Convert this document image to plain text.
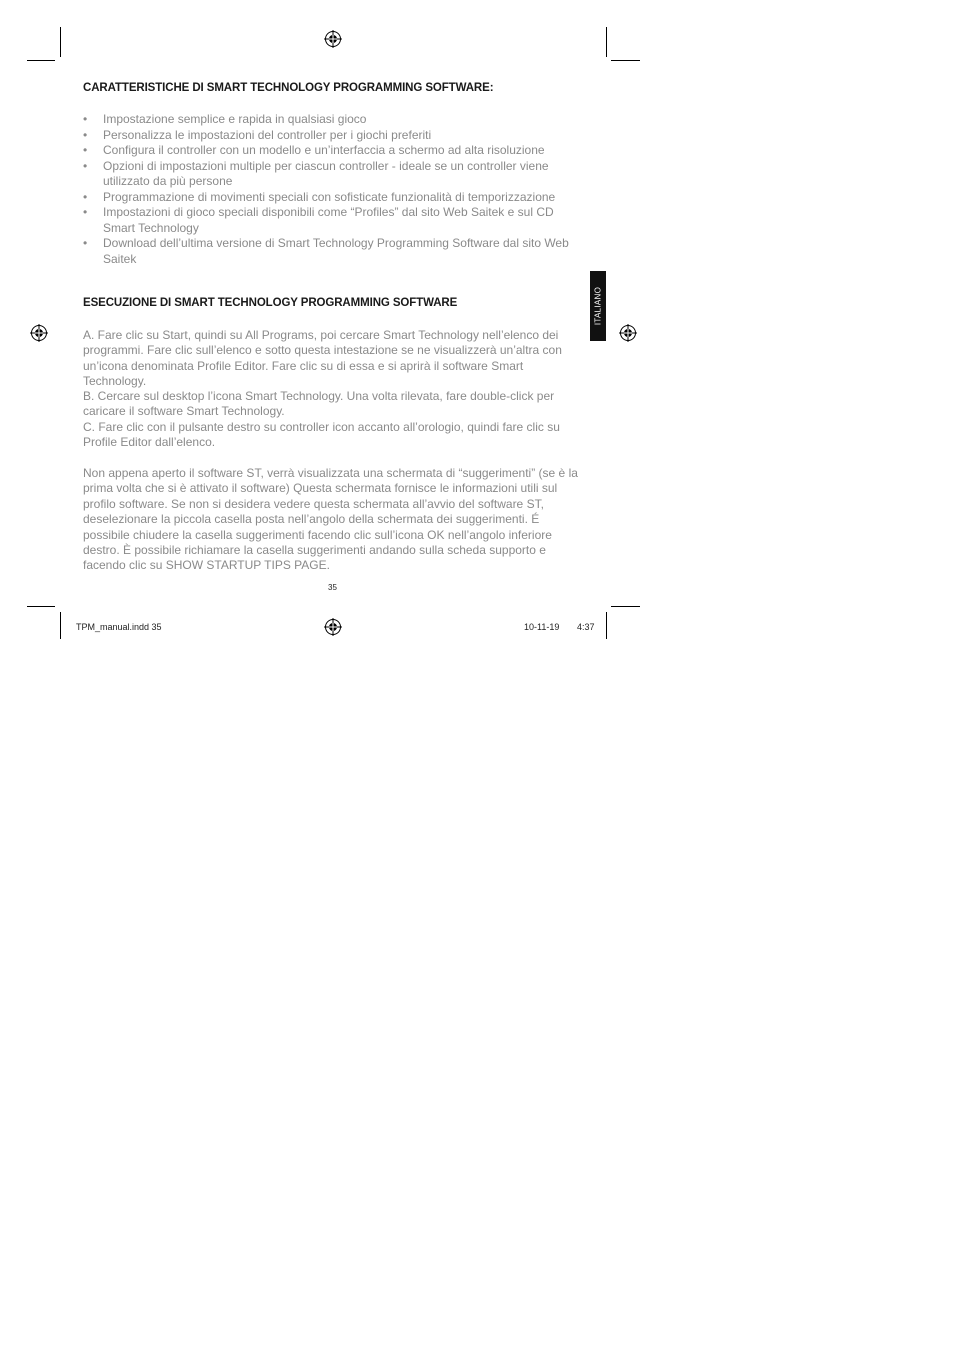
CARATTERISTICHE DI SMART TECHNOLOGY PROGRAMMING SOFTWARE:
• Impostazione semplice e rapida in qualsiasi gioco
• Personalizza le impostazioni del controller per i giochi preferiti
• Configura il controller con un modello e un’interfaccia a schermo ad alta risoluzione
• Opzioni di impostazioni multiple per ciascun controller - ideale se un controller viene utilizzato da più persone
• Programmazione di movimenti speciali con sofisticate funzionalità di temporizzazione
• Impostazioni di gioco speciali disponibili come “Profiles” dal sito Web Saitek e sul CD Smart Technology
• Download dell’ultima versione di Smart Technology Programming Software dal sito Web Saitek
ESECUZIONE DI SMART TECHNOLOGY PROGRAMMING SOFTWARE

A. Fare clic su Start, quindi su All Programs, poi cercare Smart Technology nell’elenco dei programmi. Fare clic sull’elenco e sotto questa intestazione se ne visualizzerà un’altra con un’icona denominata Profile Editor. Fare clic su di essa e si aprirà il software Smart Technology.

B. Cercare sul desktop l’icona Smart Technology. Una volta rilevata, fare double-click per caricare il software Smart Technology.

C. Fare clic con il pulsante destro su controller icon accanto all’orologio, quindi fare clic su Profile Editor dall’elenco.

Non appena aperto il software ST, verrà visualizzata una schermata di “suggerimenti” (se è la prima volta che si è attivato il software) Questa schermata fornisce le informazioni utili sul profilo software. Se non si desidera vedere questa schermata all’avvio del software ST, deselezionare la piccola casella posta nell’angolo della schermata dei suggerimenti. É possibile chiudere la casella suggerimenti facendo clic sull’icona OK nell’angolo inferiore destro. È possibile richiamare la casella suggerimenti andando sulla scheda supporto e facendo clic su SHOW STARTUP TIPS PAGE.

ITALIANO
35
TPM_manual.indd 35	10-11-19 4:37
